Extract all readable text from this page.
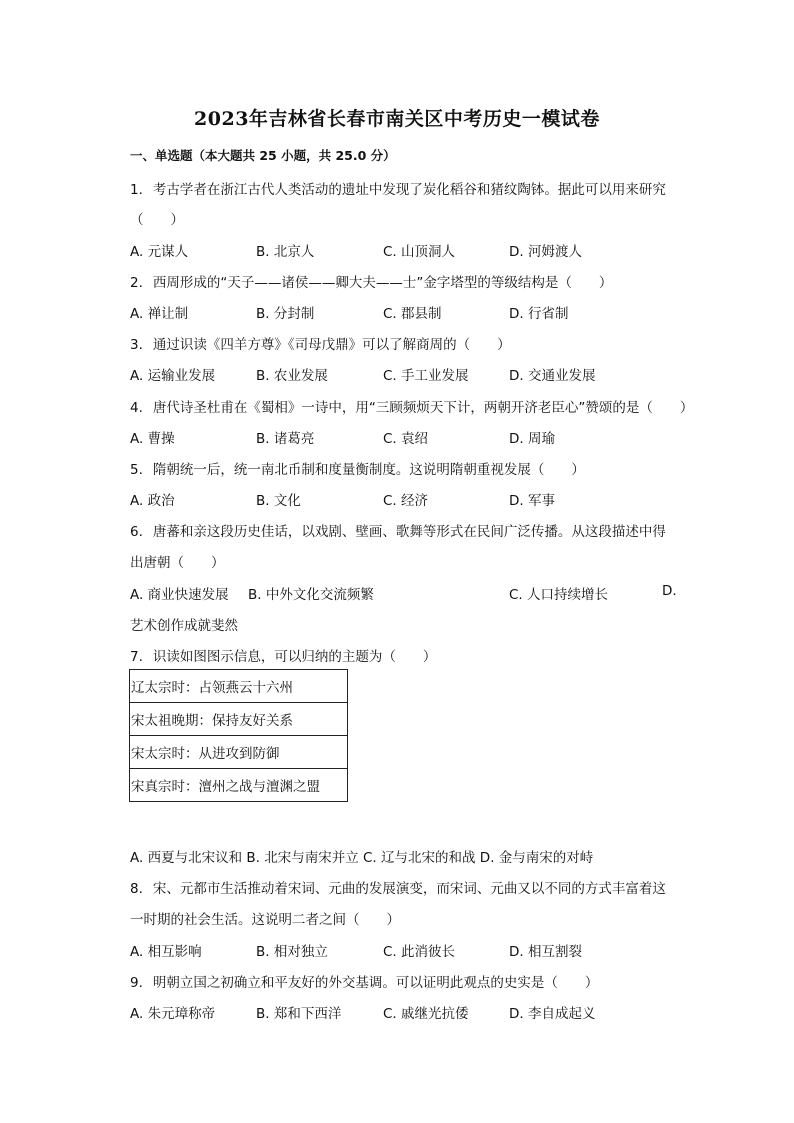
2023年吉林省长春市南关区中考历史一模试卷
一、单选题（本大题共 25 小题，共 25.0 分）
1. 考古学者在浙江古代人类活动的遗址中发现了炭化稻谷和猪纹陶钵。据此可以用来研究
（　　）
A. 元谋人	B. 北京人	C. 山顶洞人	D. 河姆渡人
2. 西周形成的“天子——诸侯——卿大夫——士”金字塔型的等级结构是（　　）
A. 禅让制	B. 分封制	C. 郡县制	D. 行省制
3. 通过识读《四羊方尊》《司母戊鼎》可以了解商周的（　　）
A. 运输业发展	B. 农业发展	C. 手工业发展	D. 交通业发展
4. 唐代诗圣杜甫在《蜀相》一诗中，用“三顾频烦天下计，两朝开济老臣心”赞颂的是（　　）
A. 曹操	B. 诸葛亮	C. 袁绍	D. 周瑜
5. 隋朝统一后，统一南北币制和度量衡制度。这说明隋朝重视发展（　　）
A. 政治	B. 文化	C. 经济	D. 军事
6. 唐蕃和亲这段历史佳话，以戏剧、壁画、歌舞等形式在民间广泛传播。从这段描述中得
出唐朝（　　）
A. 商业快速发展 B. 中外文化交流频繁	C. 人口持续增长	D.
艺术创作成就斐然
7. 识读如图图示信息，可以归纳的主题为（　　）
辽太宗时：占领燕云十六州
宋太祖晚期：保持友好关系
宋太宗时：从进攻到防御
宋真宗时：澶州之战与澶渊之盟
A. 西夏与北宋议和 B. 北宋与南宋并立 C. 辽与北宋的和战 D. 金与南宋的对峙
8. 宋、元都市生活推动着宋词、元曲的发展演变，而宋词、元曲又以不同的方式丰富着这
一时期的社会生活。这说明二者之间（　　）
A. 相互影响	B. 相对独立	C. 此消彼长	D. 相互割裂
9. 明朝立国之初确立和平友好的外交基调。可以证明此观点的史实是（　　）
A. 朱元璋称帝	B. 郑和下西洋	C. 戚继光抗倭	D. 李自成起义
